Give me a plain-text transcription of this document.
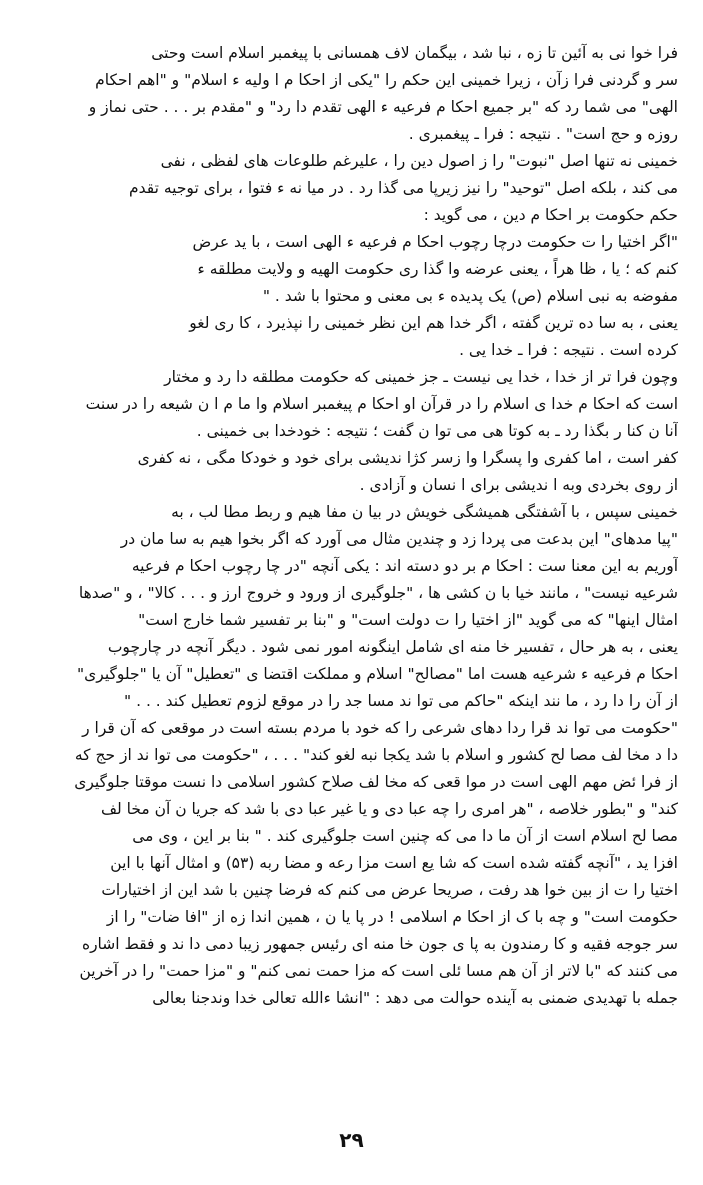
فرا خوا نی به آئین تا زه ، نبا شد ، بیگمان لاف همسانی با پیغمبر اسلام است وحتی
سر و گردنی فرا زآن ، زیرا خمینی این حکم را "یکی از احکا م ا ولیه ء اسلام" و "اهم احکام
الهی" می شما رد که "بر جمیع احکا م فرعیه ء الهی تقدم دا رد" و "مقدم بر . . . حتی نماز و
روزه و حج است" . نتیجه : فرا ـ پیغمبری .
خمینی نه تنها اصل "نبوت" را ز اصول دین را ، علیرغم طلوعات های لفظی ، نفی
می کند ، بلکه اصل "توحید" را نیز زیرپا می گذا رد . در میا نه ء فتوا ، برای توجیه تقدم
حکم حکومت بر احکا م دین ، می گوید :
"اگر اختیا را ت حکومت درچا رچوب احکا م فرعیه ء الهی است ، با ید عرض
کنم که ؛ یا ، ظا هراً ، یعنی عرضه وا گذا ری حکومت الهیه و ولایت مطلقه ء
مفوضه به نبی اسلام (ص) یک پدیده ء بی معنی و محتوا با شد . "
یعنی ، به سا ده ترین گفته ، اگر خدا هم این نظر خمینی را نپذیرد ، کا ری لغو
کرده است . نتیجه : فرا ـ خدا یی .
وچون فرا تر از خدا ، خدا یی نیست ـ جز خمینی که حکومت مطلقه دا رد و مختار
است که احکا م خدا ی اسلام را در قرآن او احکا م پیغمبر اسلام وا ما م ا ن شیعه را در سنت
آنا ن کنا ر بگذا رد ـ به کوتا هی می توا ن گفت ؛ نتیجه : خودخدا بی خمینی .
کفر است ، اما کفری وا پسگرا وا زسر کژا ندیشی برای خود و خودکا مگی ، نه کفری
از روی بخردی وبه ا ندیشی برای ا نسان و آزادی .
خمینی سپس ، با آشفتگی همیشگی خویش در بیا ن مفا هیم و ربط مطا لب ، به
"پیا مدهای" این بدعت می پردا زد و چندین مثال می آورد که اگر بخوا هیم به سا مان در
آوریم به این معنا ست : احکا م بر دو دسته اند : یکی آنچه "در چا رچوب احکا م فرعیه
شرعیه نیست" ، مانند خیا با ن کشی ها ، "جلوگیری از ورود و خروج ارز و . . . کالا" ، و "صدها
امثال اینها" که می گوید "از اختیا را ت دولت است" و "بنا بر تفسیر شما خارج است"
یعنی ، به هر حال ، تفسیر خا منه ای شامل اینگونه امور نمی شود . دیگر آنچه در چارچوب
احکا م فرعیه ء شرعیه هست اما "مصالح" اسلام و مملکت اقتضا ی "تعطیل" آن یا "جلوگیری"
از آن را دا رد ، ما نند اینکه "حاکم می توا ند مسا جد را در موقع لزوم تعطیل کند . . . "
"حکومت می توا ند قرا ردا دهای شرعی را که خود با مردم بسته است در موقعی که آن قرا ر
دا د مخا لف مصا لح کشور و اسلام با شد یکجا نبه لغو کند" . . . ، "حکومت می توا ند از حج که
از فرا ئض مهم الهی است در موا قعی که مخا لف صلاح کشور اسلامی دا نست موقتا جلوگیری
کند" و "بطور خلاصه ، "هر امری را چه عبا دی و یا غیر عبا دی با شد که جریا ن آن مخا لف
مصا لح اسلام است از آن ما دا می که چنین است جلوگیری کند . " بنا بر این ، وی می
افزا ید ، "آنچه گفته شده است که شا یع است مزا رعه و مضا ربه (۵۳) و امثال آنها با این
اختیا را ت از بین خوا هد رفت ، صریحا عرض می کنم که فرضا چنین با شد این از اختیارات
حکومت است" و چه با ک از احکا م اسلامی ! در پا یا ن ، همین اندا زه از "افا ضات" را از
سر جوجه فقیه و کا رمندون به پا ی جون خا منه ای رئیس جمهور زیبا دمی دا ند و فقط اشاره
می کنند که "با لاتر از آن هم مسا ئلی است که مزا حمت نمی کنم" و "مزا حمت" را در آخرین
جمله با تهدیدی ضمنی به آینده حوالت می دهد : "انشا ءالله تعالی خدا وندجنا بعالی
۲۹
